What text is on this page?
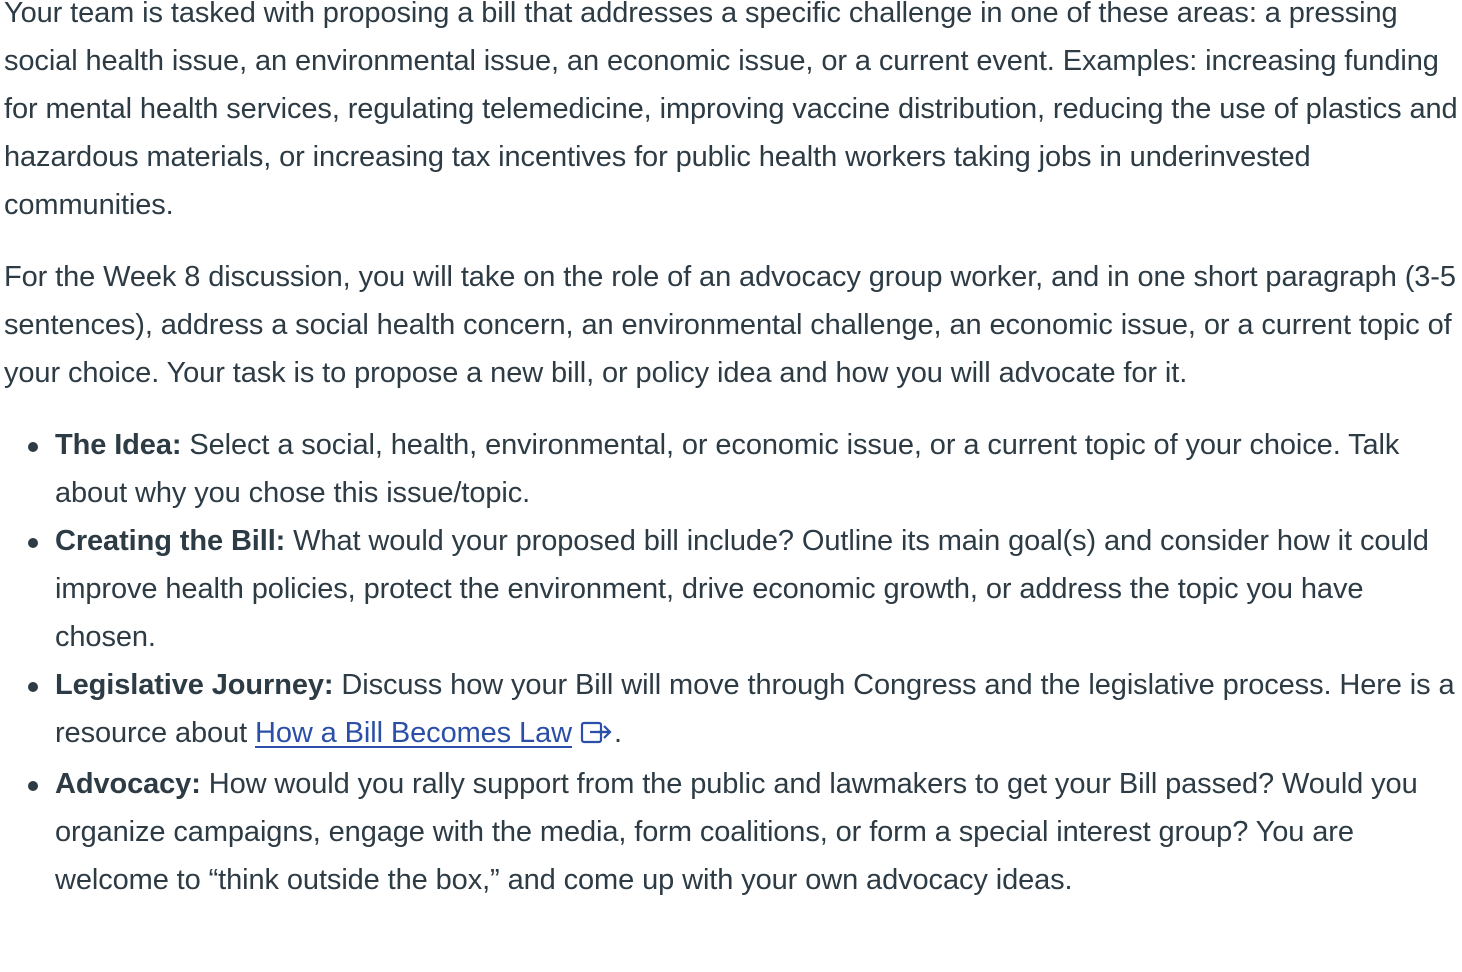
Your team is tasked with proposing a bill that addresses a specific challenge in one of these areas: a pressing social health issue, an environmental issue, an economic issue, or a current event. Examples: increasing funding for mental health services, regulating telemedicine, improving vaccine distribution, reducing the use of plastics and hazardous materials, or increasing tax incentives for public health workers taking jobs in underinvested communities.

For the Week 8 discussion, you will take on the role of an advocacy group worker, and in one short paragraph (3-5 sentences), address a social health concern, an environmental challenge, an economic issue, or a current topic of your choice. Your task is to propose a new bill, or policy idea and how you will advocate for it.

The Idea: Select a social, health, environmental, or economic issue, or a current topic of your choice. Talk about why you chose this issue/topic.
Creating the Bill: What would your proposed bill include? Outline its main goal(s) and consider how it could improve health policies, protect the environment, drive economic growth, or address the topic you have chosen.
Legislative Journey: Discuss how your Bill will move through Congress and the legislative process. Here is a resource about How a Bill Becomes Law .
Advocacy: How would you rally support from the public and lawmakers to get your Bill passed? Would you organize campaigns, engage with the media, form coalitions, or form a special interest group? You are welcome to “think outside the box,” and come up with your own advocacy ideas.
